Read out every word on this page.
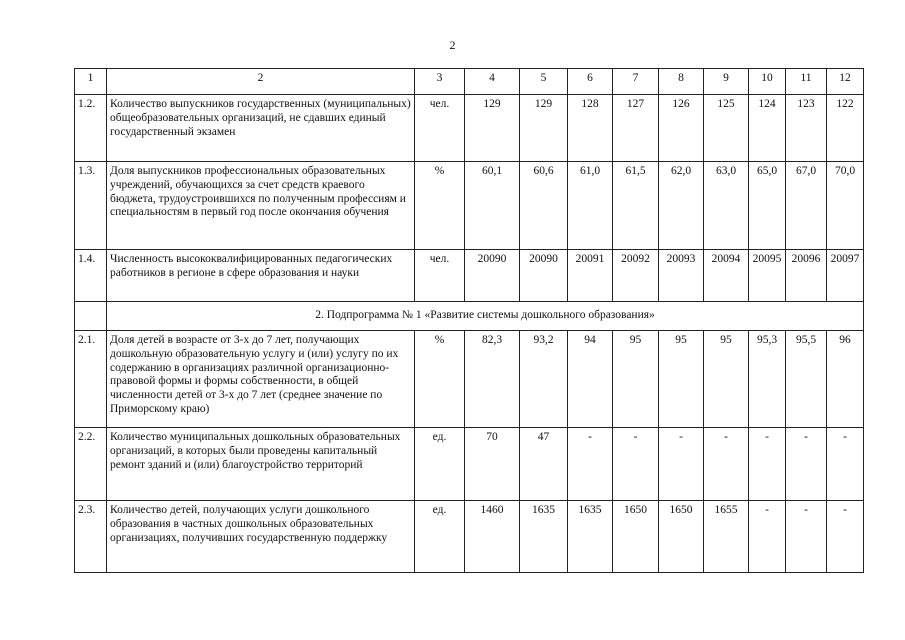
2
1	2	3	4	5	6	7	8	9	10	11	12
1.2.	Количество выпускников государственных (муниципальных) общеобразовательных организаций, не сдавших единый государственный экзамен	чел.	129	129	128	127	126	125	124	123	122
1.3.	Доля выпускников профессиональных образовательных учреждений, обучающихся за счет средств краевого бюджета, трудоустроившихся по полученным профессиям и специальностям в первый год после окончания обучения	%	60,1	60,6	61,0	61,5	62,0	63,0	65,0	67,0	70,0
1.4.	Численность высококвалифицированных педагогических работников в регионе в сфере образования и науки	чел.	20090	20090	20091	20092	20093	20094	20095	20096	20097
	2. Подпрограмма № 1 «Развитие системы дошкольного образования»										
2.1.	Доля детей в возрасте от 3-х до 7 лет, получающих дошкольную образовательную услугу и (или) услугу по их содержанию в организациях различной организационно-правовой формы и формы собственности, в общей численности детей от 3-х до 7 лет (среднее значение по Приморскому краю)	%	82,3	93,2	94	95	95	95	95,3	95,5	96
2.2.	Количество муниципальных дошкольных образовательных организаций, в которых были проведены капитальный ремонт зданий и (или) благоустройство территорий	ед.	70	47	-	-	-	-	-	-	-
2.3.	Количество детей, получающих услуги дошкольного образования в частных дошкольных образовательных организациях, получивших государственную поддержку	ед.	1460	1635	1635	1650	1650	1655	-	-	-
